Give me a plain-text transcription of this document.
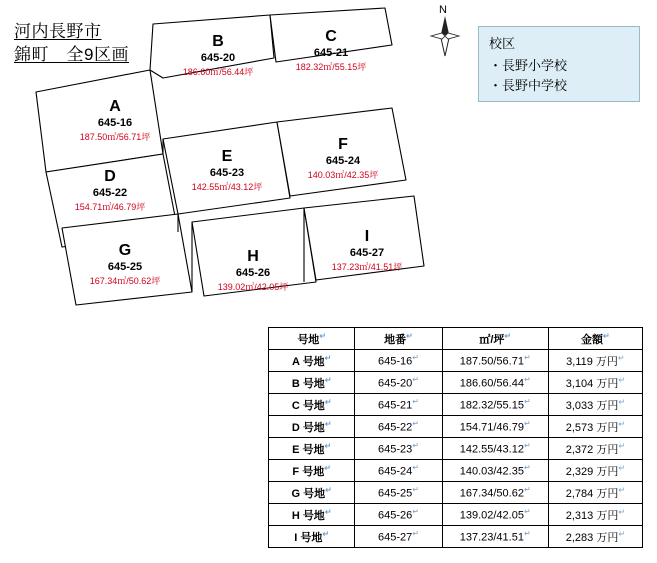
河内長野市
錦町　全9区画
N
校区
・長野小学校
・長野中学校
A
645-16
187.50㎡/56.71坪
B
645-20
186.60㎡/56.44坪
C
645-21
182.32㎡/55.15坪
D
645-22
154.71㎡/46.79坪
E
645-23
142.55㎡/43.12坪
F
645-24
140.03㎡/42.35坪
G
645-25
167.34㎡/50.62坪
H
645-26
139.02㎡/42.05坪
I
645-27
137.23㎡/41.51坪
号地↵	地番↵	㎡/坪↵	金額↵
A 号地↵	645-16↵	187.50/56.71↵	3,119 万円↵
B 号地↵	645-20↵	186.60/56.44↵	3,104 万円↵
C 号地↵	645-21↵	182.32/55.15↵	3,033 万円↵
D 号地↵	645-22↵	154.71/46.79↵	2,573 万円↵
E 号地↵	645-23↵	142.55/43.12↵	2,372 万円↵
F 号地↵	645-24↵	140.03/42.35↵	2,329 万円↵
G 号地↵	645-25↵	167.34/50.62↵	2,784 万円↵
H 号地↵	645-26↵	139.02/42.05↵	2,313 万円↵
I 号地↵	645-27↵	137.23/41.51↵	2,283 万円↵
